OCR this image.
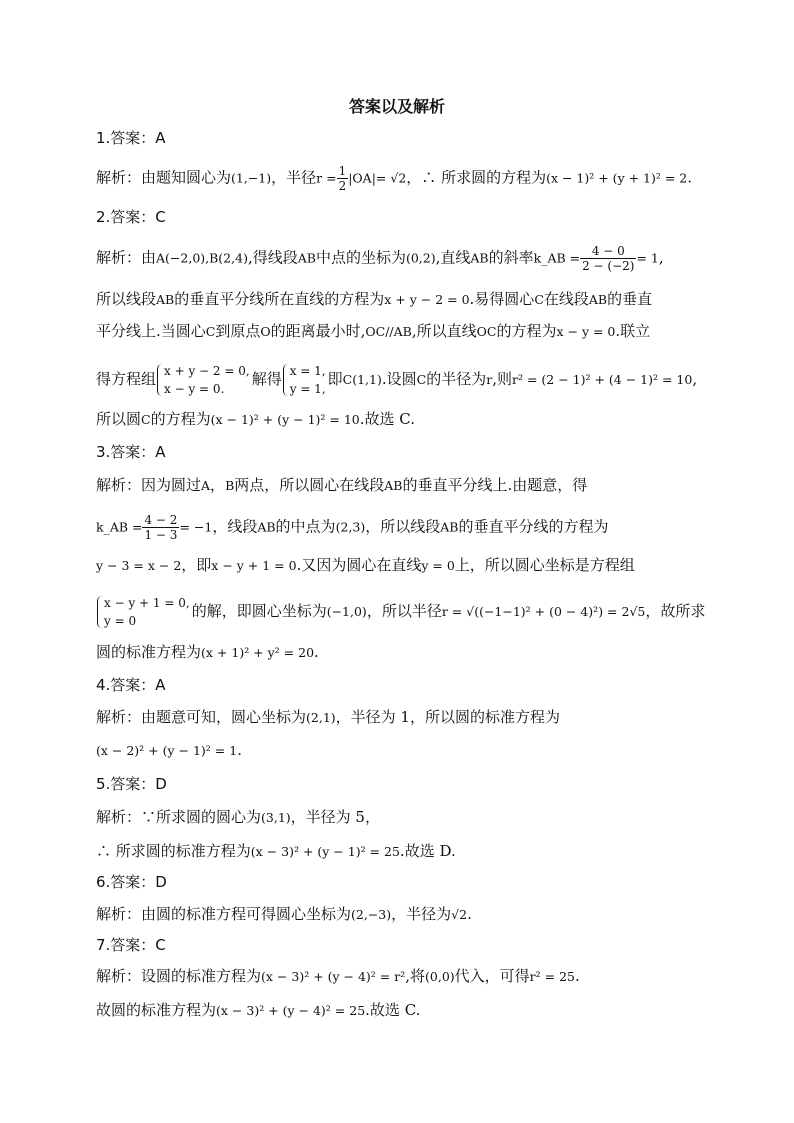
答案以及解析
1.答案：A
解析：由题知圆心为(1,−1)，半径$r = \frac{1}{2} |OA|= √2$，∴ 所求圆的方程为(x − 1)² + (y + 1)² = 2.
2.答案：C
解析：由A(−2,0),B(2,4),得线段AB中点的坐标为(0,2),直线AB的斜率k_AB = $\frac{4 - 0}{2 - (-2)} = 1$,
所以线段AB的垂直平分线所在直线的方程为x + y − 2 = 0.易得圆心C在线段AB的垂直
平分线上.当圆心C到原点O的距离最小时,OC//AB,所以直线OC的方程为x − y = 0.联立
得方程组 x + y − 2 = 0,
x − y = 0.
解得 x = 1,
y = 1,
即C(1,1).设圆C的半径为r,则r² = (2 − 1)² + (4 − 1)² = 10,
所以圆C的方程为(x − 1)² + (y − 1)² = 10.故选 C.
3.答案：A
解析：因为圆过A，B两点，所以圆心在线段AB的垂直平分线上.由题意，得
k_AB = $\frac{4 - 2}{1 - 3} = -1$，线段AB的中点为(2,3)，所以线段AB的垂直平分线的方程为
y − 3 = x − 2，即x − y + 1 = 0.又因为圆心在直线y = 0上，所以圆心坐标是方程组
x − y + 1 = 0,
y = 0
的解，即圆心坐标为(−1,0)，所以半径r = √((−1−1)² + (0 − 4)²) = 2√5，故所求
圆的标准方程为(x + 1)² + y² = 20.
4.答案：A
解析：由题意可知，圆心坐标为(2,1)，半径为 1，所以圆的标准方程为
(x − 2)² + (y − 1)² = 1.
5.答案：D
解析：∵所求圆的圆心为(3,1)，半径为 5，
∴ 所求圆的标准方程为(x − 3)² + (y − 1)² = 25.故选 D.
6.答案：D
解析：由圆的标准方程可得圆心坐标为(2,−3)，半径为√2.
7.答案：C
解析：设圆的标准方程为(x − 3)² + (y − 4)² = r²,将(0,0)代入，可得r² = 25.
故圆的标准方程为(x − 3)² + (y − 4)² = 25.故选 C.
